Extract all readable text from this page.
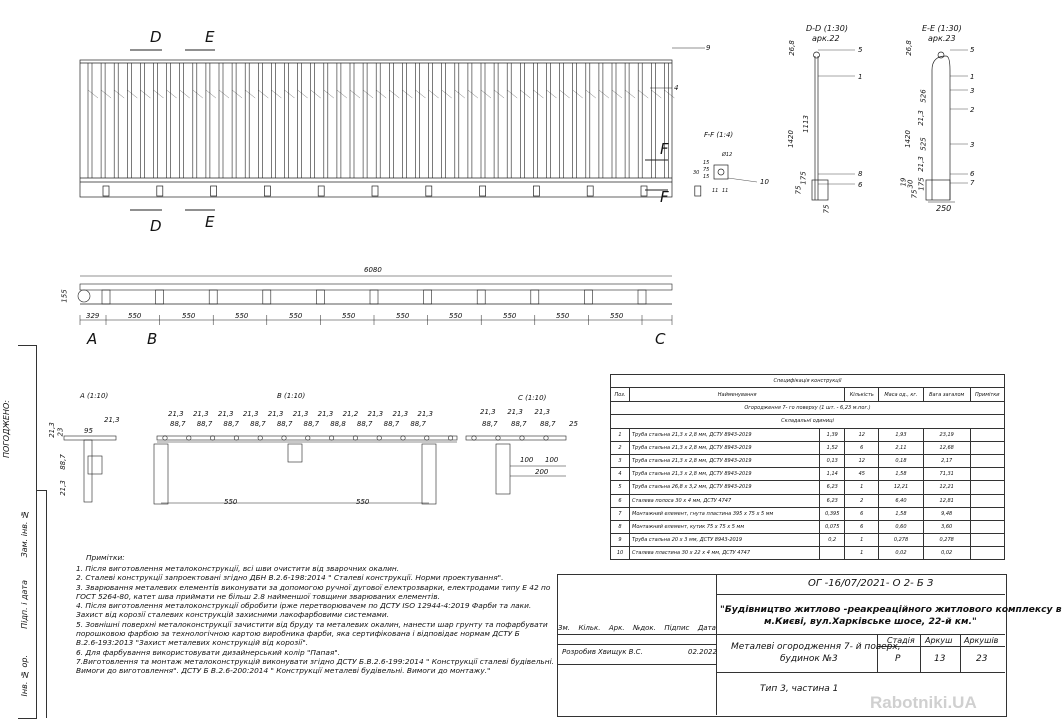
ПОГОДЖЕНО:
Зам. інв. №
Підп. і дата
Інв. № ор.
D	E
D	E
F
F
9
4
F-F (1:4)
10
30
15
75
15
11 11
Ø12
D-D (1:30)
арк.22
26,8
1420
1113
75
175
75
5
1
8
6
E-E (1:30)
арк.23
26,8
1420
526
525
21,3
21,3
19 30
75
175
250
5
1
3
2
3
6
7
6080
155
329	550	550	550	550	550	550	550	550	550	550
A	B	C
A (1:10)
21,3
95
21,3 23
88,7
21,3
B (1:10)
21,3 21,3 21,3 21,3 21,3 21,3 21,3 21,2 21,3 21,3 21,3
88,7 88,7 88,7 88,7 88,7 88,7 88,8 88,7 88,7 88,7
550	550
C (1:10)
21,3 21,3 21,3
88,7 88,7 88,7 25
100 100
200
Примітки:
1. Після виготовлення металоконструкції, всі шви очистити від зварочних окалин.
2. Сталеві конструкції запроектовані згідно ДБН В.2.6-198:2014 " Сталеві конструкції. Норми проектування".
3. Зварювання металевих елементів виконувати за допомогою ручної дугової електрозварки, електродами типу Е 42 по
ГОСТ 5264-80, катет шва приймати не більш 2.8 найменшої товщини зварюваних елементів.
4. Після виготовлення металоконструкції обробити іржe перетворювачем по ДСТУ ISO 12944-4:2019 Фарби та лаки.
Захист від корозії сталевих конструкцій захисними лакофарбовими системами.
5. Зовнішні поверхні металоконструкції зачистити від бруду та металевих окалин, нанести шар грунту та пофарбувати
порошковою фарбою за технологічною картою виробника фарби, яка сертифікована і відповідає нормам ДСТУ Б
В.2.6-193:2013 "Захист металевих конструкцій від корозії".
6. Для фарбування використовувати дизайнерський колір "Папая".
7.Виготовлення та монтаж металоконструкцій виконувати згідно ДСТУ Б.В.2.6-199:2014 " Конструкції сталеві будівельні.
Вимоги до виготовлення". ДСТУ Б В.2.6-200:2014 " Конструкції металеві будівельні. Вимоги до монтажу."
Специфікація конструкції						
Поз.	Найменування		Кількість	Маса од., кг.	Вага загалом	Примітки
Огородження 7- го поверху (1 шт. - 6,23 м.пог.)						
Складальні одиниці						
1	Труба стальна 21,3 х 2,8 мм, ДСТУ 8943-2019	1,39	12	1,93	23,19	
2	Труба стальна 21,3 х 2,8 мм, ДСТУ 8943-2019	1,52	6	2,11	12,68	
3	Труба стальна 21,3 х 2,8 мм, ДСТУ 8943-2019	0,13	12	0,18	2,17	
4	Труба стальна 21,3 х 2,8 мм, ДСТУ 8943-2019	1,14	45	1,58	71,31	
5	Труба стальна 26,8 х 3,2 мм, ДСТУ 8943-2019	6,23	1	12,21	12,21	
6	Сталева полоса 30 х 4 мм, ДСТУ 4747	6,23	2	6,40	12,81	
7	Монтажний елемент, гнута пластина 395 х 75 х 5 мм	0,395	6	1,58	9,48	
8	Монтажний елемент, кутик 75 х 75 х 5 мм	0,075	6	0,60	3,60	
9	Труба стальна 20 х 3 мм, ДСТУ 8943-2019	0,2	1	0,278	0,278	
10	Сталева пластина 30 х 22 х 4 мм, ДСТУ 4747		1	0,02	0,02	
ОГ -16/07/2021- О 2- Б З
"Будівництво житлово -реакреаційного житлового комплексу в
м.Києві, вул.Харківське шосе, 22-й км."
Металеві огородження 7- й поверх,
будинок №3
Тип 3, частина 1
Стадія Аркуш Аркушів
Р	13	23
Зм. Кільк. Арк. №док. Підпис Дата
Розробив Хвищук В.С.	02.2022
Rabotniki.UA
